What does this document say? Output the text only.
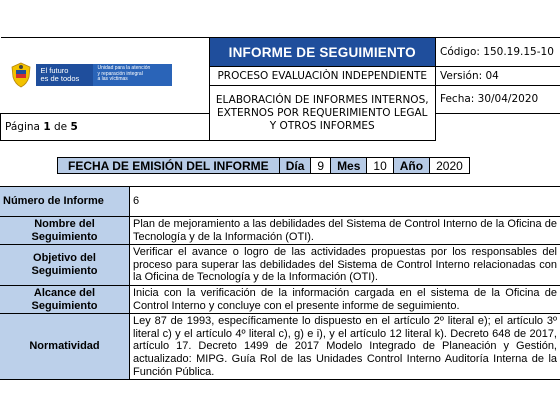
El futuro
es de todos
Unidad para la atención
y reparación integral
a las víctimas	INFORME DE SEGUIMIENTO	Código: 150.19.15-10
	PROCESO EVALUACIÒN INDEPENDIENTE	Versión: 04
	ELABORACIÓN DE INFORMES INTERNOS, EXTERNOS POR REQUERIMIENTO LEGAL Y OTROS INFORMES	Fecha: 30/04/2020
Página 1 de 5		
FECHA DE EMISIÓN DEL INFORME	Día	9	Mes	10	Año	2020
Número de Informe	6
Nombre del Seguimiento	Plan de mejoramiento a las debilidades del Sistema de Control Interno de la Oficina de Tecnología y de la Información (OTI).
Objetivo del Seguimiento	Verificar el avance o logro de las actividades propuestas por los responsables del proceso para superar las debilidades del Sistema de Control Interno relacionadas con la Oficina de Tecnología y de la Información (OTI).
Alcance del Seguimiento	Inicia con la verificación de la información cargada en el sistema de la Oficina de Control Interno y concluye con el presente informe de seguimiento.
Normatividad	Ley 87 de 1993, específicamente lo dispuesto en el artículo 2º literal e); el artículo 3º literal c) y el artículo 4º literal c), g) e i), y el artículo 12 literal k). Decreto 648 de 2017, artículo 17. Decreto 1499 de 2017 Modelo Integrado de Planeación y Gestión, actualizado: MIPG. Guía Rol de las Unidades Control Interno Auditoría Interna de la Función Pública.
